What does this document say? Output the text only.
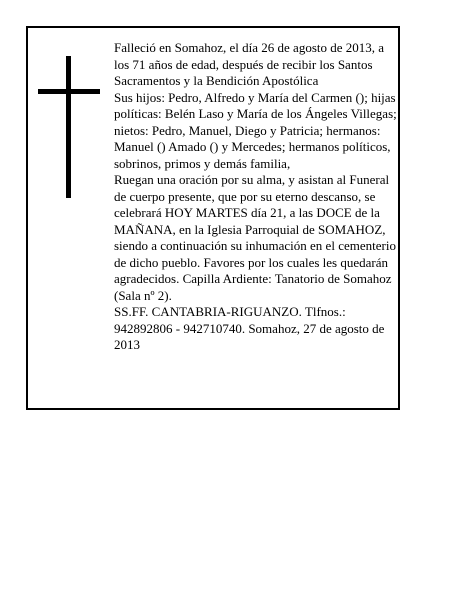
Falleció en Somahoz, el día 26 de agosto de 2013, a los 71 años de edad, después de recibir los Santos Sacramentos y la Bendición Apostólica

Sus hijos: Pedro, Alfredo y María del Carmen (); hijas políticas: Belén Laso y María de los Ángeles Villegas; nietos: Pedro, Manuel, Diego y Patricia; hermanos: Manuel () Amado () y Mercedes; hermanos políticos, sobrinos, primos y demás familia,

Ruegan una oración por su alma, y asistan al Funeral de cuerpo presente, que por su eterno descanso, se celebrará HOY MARTES día 21, a las DOCE de la MAÑANA, en la Iglesia Parroquial de SOMAHOZ, siendo a continuación su inhumación en el cementerio de dicho pueblo. Favores por los cuales les quedarán agradecidos. Capilla Ardiente: Tanatorio de Somahoz (Sala nº 2).

SS.FF. CANTABRIA-RIGUANZO. Tlfnos.: 942892806 - 942710740. Somahoz, 27 de agosto de 2013
